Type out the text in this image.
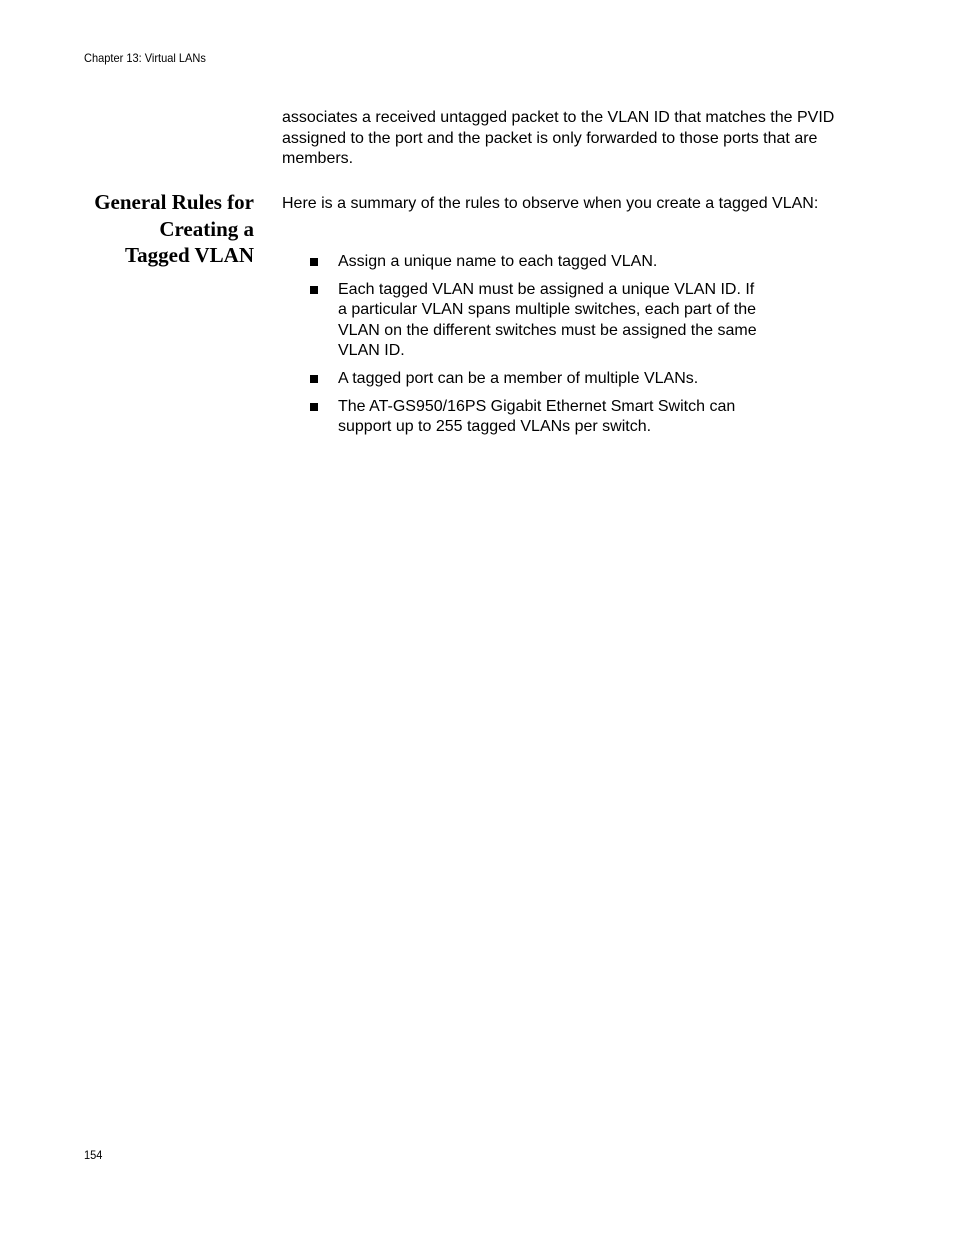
Chapter 13: Virtual LANs

associates a received untagged packet to the VLAN ID that matches the PVID assigned to the port and the packet is only forwarded to those ports that are members.

General Rules for
Creating a
Tagged VLAN

Here is a summary of the rules to observe when you create a tagged VLAN:

Assign a unique name to each tagged VLAN.
Each tagged VLAN must be assigned a unique VLAN ID. If a particular VLAN spans multiple switches, each part of the VLAN on the different switches must be assigned the same VLAN ID.
A tagged port can be a member of multiple VLANs.
The AT-GS950/16PS Gigabit Ethernet Smart Switch can support up to 255 tagged VLANs per switch.
154
